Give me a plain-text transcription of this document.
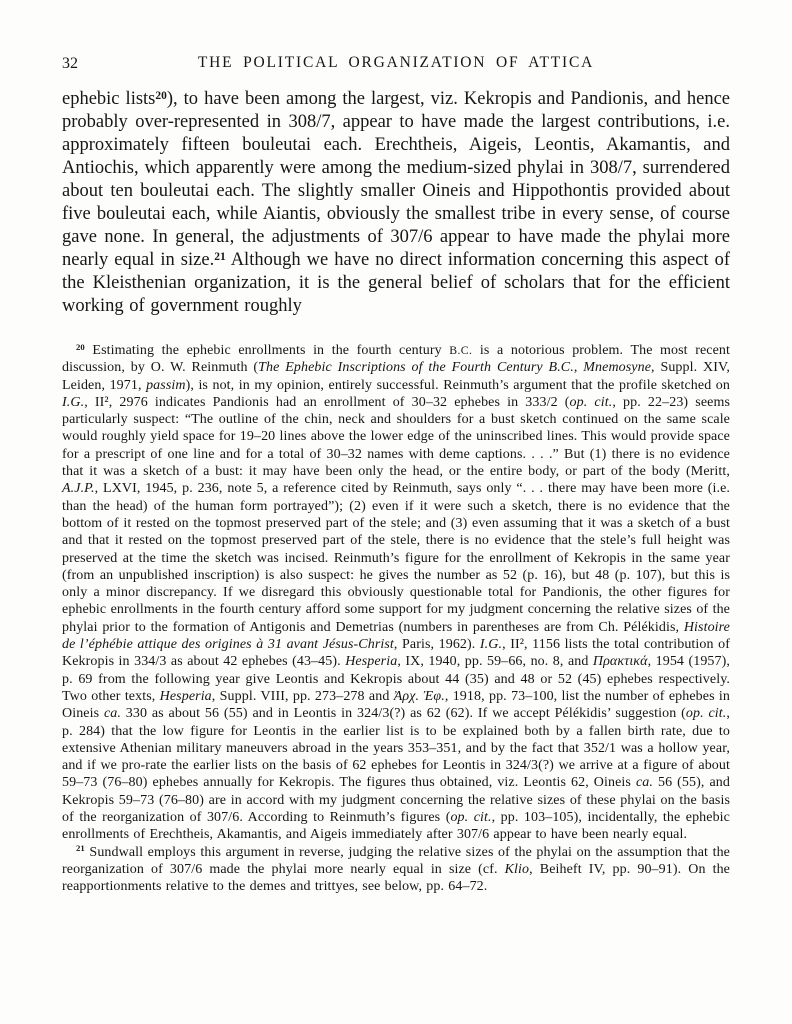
32	THE POLITICAL ORGANIZATION OF ATTICA

ephebic lists$^{20}$), to have been among the largest, viz. Kekropis and Pandionis, and hence probably over-represented in 308/7, appear to have made the largest contributions, i.e. approximately fifteen bouleutai each. Erechtheis, Aigeis, Leontis, Akamantis, and Antiochis, which apparently were among the medium-sized phylai in 308/7, surrendered about ten bouleutai each. The slightly smaller Oineis and Hippothontis provided about five bouleutai each, while Aiantis, obviously the smallest tribe in every sense, of course gave none. In general, the adjustments of 307/6 appear to have made the phylai more nearly equal in size.$^{21}$ Although we have no direct information concerning this aspect of the Kleisthenian organization, it is the general belief of scholars that for the efficient working of government roughly

$^{20}$ Estimating the ephebic enrollments in the fourth century B.C. is a notorious problem. The most recent discussion, by O. W. Reinmuth (The Ephebic Inscriptions of the Fourth Century B.C., Mnemosyne, Suppl. XIV, Leiden, 1971, passim), is not, in my opinion, entirely successful. Reinmuth’s argument that the profile sketched on I.G., II², 2976 indicates Pandionis had an enrollment of 30–32 ephebes in 333/2 (op. cit., pp. 22–23) seems particularly suspect: “The outline of the chin, neck and shoulders for a bust sketch continued on the same scale would roughly yield space for 19–20 lines above the lower edge of the uninscribed lines. This would provide space for a prescript of one line and for a total of 30–32 names with deme captions. . . .” But (1) there is no evidence that it was a sketch of a bust: it may have been only the head, or the entire body, or part of the body (Meritt, A.J.P., LXVI, 1945, p. 236, note 5, a reference cited by Reinmuth, says only “. . . there may have been more (i.e. than the head) of the human form portrayed”); (2) even if it were such a sketch, there is no evidence that the bottom of it rested on the topmost preserved part of the stele; and (3) even assuming that it was a sketch of a bust and that it rested on the topmost preserved part of the stele, there is no evidence that the stele’s full height was preserved at the time the sketch was incised. Reinmuth’s figure for the enrollment of Kekropis in the same year (from an unpublished inscription) is also suspect: he gives the number as 52 (p. 16), but 48 (p. 107), but this is only a minor discrepancy. If we disregard this obviously questionable total for Pandionis, the other figures for ephebic enrollments in the fourth century afford some support for my judgment concerning the relative sizes of the phylai prior to the formation of Antigonis and Demetrias (numbers in parentheses are from Ch. Pélékidis, Histoire de l’éphébie attique des origines à 31 avant Jésus-Christ, Paris, 1962). I.G., II², 1156 lists the total contribution of Kekropis in 334/3 as about 42 ephebes (43–45). Hesperia, IX, 1940, pp. 59–66, no. 8, and Πρακτικά, 1954 (1957), p. 69 from the following year give Leontis and Kekropis about 44 (35) and 48 or 52 (45) ephebes respectively. Two other texts, Hesperia, Suppl. VIII, pp. 273–278 and Ἀρχ. Ἐφ., 1918, pp. 73–100, list the number of ephebes in Oineis ca. 330 as about 56 (55) and in Leontis in 324/3(?) as 62 (62). If we accept Pélékidis’ suggestion (op. cit., p. 284) that the low figure for Leontis in the earlier list is to be explained both by a fallen birth rate, due to extensive Athenian military maneuvers abroad in the years 353–351, and by the fact that 352/1 was a hollow year, and if we pro-rate the earlier lists on the basis of 62 ephebes for Leontis in 324/3(?) we arrive at a figure of about 59–73 (76–80) ephebes annually for Kekropis. The figures thus obtained, viz. Leontis 62, Oineis ca. 56 (55), and Kekropis 59–73 (76–80) are in accord with my judgment concerning the relative sizes of these phylai on the basis of the reorganization of 307/6. According to Reinmuth’s figures (op. cit., pp. 103–105), incidentally, the ephebic enrollments of Erechtheis, Akamantis, and Aigeis immediately after 307/6 appear to have been nearly equal.

$^{21}$ Sundwall employs this argument in reverse, judging the relative sizes of the phylai on the assumption that the reorganization of 307/6 made the phylai more nearly equal in size (cf. Klio, Beiheft IV, pp. 90–91). On the reapportionments relative to the demes and trittyes, see below, pp. 64–72.
